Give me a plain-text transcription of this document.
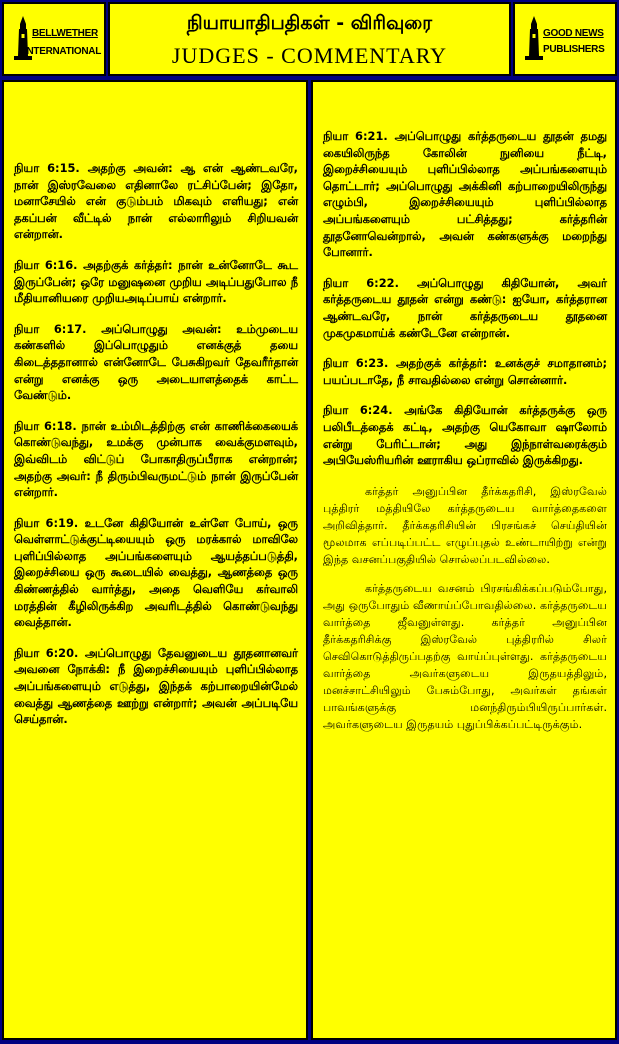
BELLWETHER
INTERNATIONAL
நியாயாதிபதிகள் - விரிவுரை
JUDGES - COMMENTARY
GOOD NEWS
PUBLISHERS

நியா 6:15. அதற்கு அவன்: ஆ என் ஆண்டவரே, நான் இஸ்ரவேலை எதினாலே ரட்சிப்பேன்; இதோ, மனாசேயில் என் குடும்பம் மிகவும் எளியது; என் தகப்பன் வீட்டில் நான் எல்லாரிலும் சிறியவன் என்றான்.

நியா 6:16. அதற்குக் கர்த்தர்: நான் உன்னோடே கூட இருப்பேன்; ஒரே மனுஷனை முறிய அடிப்பதுபோல நீ மீதியானியரை முறியஅடிப்பாய் என்றார்.

நியா 6:17. அப்பொழுது அவன்: உம்முடைய கண்களில் இப்பொழுதும் எனக்குத் தயை கிடைத்ததானால் என்னோடே பேசுகிறவர் தேவரீர்தான் என்று எனக்கு ஒரு அடையாளத்தைக் காட்ட வேண்டும்.

நியா 6:18. நான் உம்மிடத்திற்கு என் காணிக்கையைக் கொண்டுவந்து, உமக்கு முன்பாக வைக்குமளவும், இவ்விடம் விட்டுப் போகாதிருப்பீராக என்றான்; அதற்கு அவர்: நீ திரும்பிவருமட்டும் நான் இருப்பேன் என்றார்.

நியா 6:19. உடனே கிதியோன் உள்ளே போய், ஒரு வெள்ளாட்டுக்குட்டியையும் ஒரு மரக்கால் மாவிலே புளிப்பில்லாத அப்பங்களையும் ஆயத்தப்படுத்தி, இறைச்சியை ஒரு கூடையில் வைத்து, ஆணத்தை ஒரு கிண்ணத்தில் வார்த்து, அதை வெளியே கர்வாலி மரத்தின் கீழிலிருக்கிற அவரிடத்தில் கொண்டுவந்து வைத்தான்.

நியா 6:20. அப்பொழுது தேவனுடைய தூதனானவர் அவனை நோக்கி: நீ இறைச்சியையும் புளிப்பில்லாத அப்பங்களையும் எடுத்து, இந்தக் கற்பாறையின்மேல் வைத்து ஆணத்தை ஊற்று என்றார்; அவன் அப்படியே செய்தான்.

நியா 6:21. அப்பொழுது கர்த்தருடைய தூதன் தமது கையிலிருந்த கோலின் நுனியை நீட்டி, இறைச்சியையும் புளிப்பில்லாத அப்பங்களையும் தொட்டார்; அப்பொழுது அக்கினி கற்பாறையிலிருந்து எழும்பி, இறைச்சியையும் புளிப்பில்லாத அப்பங்களையும் பட்சித்தது; கர்த்தரின் தூதனோவென்றால், அவன் கண்களுக்கு மறைந்து போனார்.

நியா 6:22. அப்பொழுது கிதியோன், அவர் கர்த்தருடைய தூதன் என்று கண்டு: ஐயோ, கர்த்தரான ஆண்டவரே, நான் கர்த்தருடைய தூதனை முகமுகமாய்க் கண்டேனே என்றான்.

நியா 6:23. அதற்குக் கர்த்தர்: உனக்குச் சமாதானம்; பயப்படாதே, நீ சாவதில்லை என்று சொன்னார்.

நியா 6:24. அங்கே கிதியோன் கர்த்தருக்கு ஒரு பலிபீடத்தைக் கட்டி, அதற்கு யெகோவா ஷாலோம் என்று பேரிட்டான்; அது இந்நாள்வரைக்கும் அபியேஸ்ரியரின் ஊராகிய ஒப்ராவில் இருக்கிறது.

கர்த்தர் அனுப்பின தீர்க்கதரிசி, இஸ்ரவேல் புத்திரர் மத்தியிலே கர்த்தருடைய வார்த்தைகளை அறிவித்தார். தீர்க்கதரிசியின் பிரசங்கச் செய்தியின் மூலமாக எப்படிப்பட்ட எழுப்புதல் உண்டாயிற்று என்று இந்த வசனப்பகுதியில் சொல்லப்படவில்லை.

கர்த்தருடைய வசனம் பிரசங்கிக்கப்படும்போது, அது ஒருபோதும் வீணாய்ப்போவதில்லை. கர்த்தருடைய வார்த்தை ஜீவனுள்ளது. கர்த்தர் அனுப்பின தீர்க்கதரிசிக்கு இஸ்ரவேல் புத்திரரில் சிலர் செவிகொடுத்திருப்பதற்கு வாய்ப்புள்ளது. கர்த்தருடைய வார்த்தை அவர்களுடைய இருதயத்திலும், மனச்சாட்சியிலும் பேசும்போது, அவர்கள் தங்கள் பாவங்களுக்கு மனந்திரும்பியிருப்பார்கள். அவர்களுடைய இருதயம் புதுப்பிக்கப்பட்டிருக்கும்.
